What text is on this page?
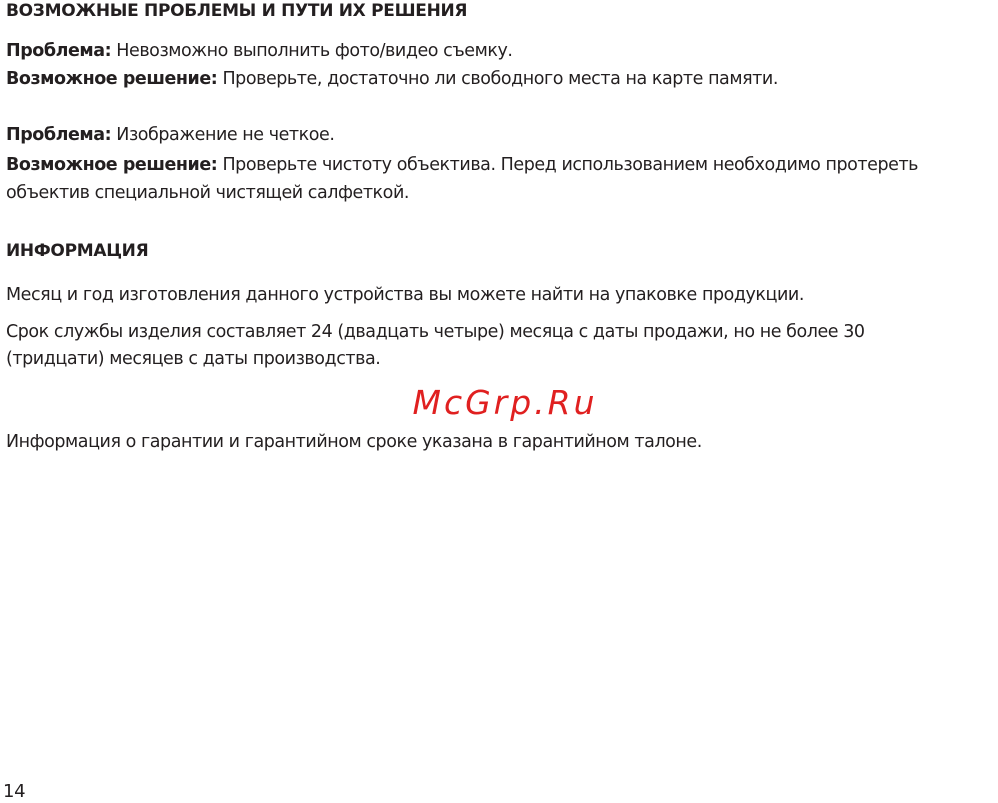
ВОЗМОЖНЫЕ ПРОБЛЕМЫ И ПУТИ ИХ РЕШЕНИЯ
Проблема: Невозможно выполнить фото/видео съемку.
Возможное решение: Проверьте, достаточно ли свободного места на карте памяти.
Проблема: Изображение не четкое.
Возможное решение: Проверьте чистоту объектива. Перед использованием необходимо протереть
объектив специальной чистящей салфеткой.
ИНФОРМАЦИЯ
Месяц и год изготовления данного устройства вы можете найти на упаковке продукции.
Срок службы изделия составляет 24 (двадцать четыре) месяца с даты продажи, но не более 30
(тридцати) месяцев с даты производства.
Информация о гарантии и гарантийном сроке указана в гарантийном талоне.
McGrp.Ru
14
